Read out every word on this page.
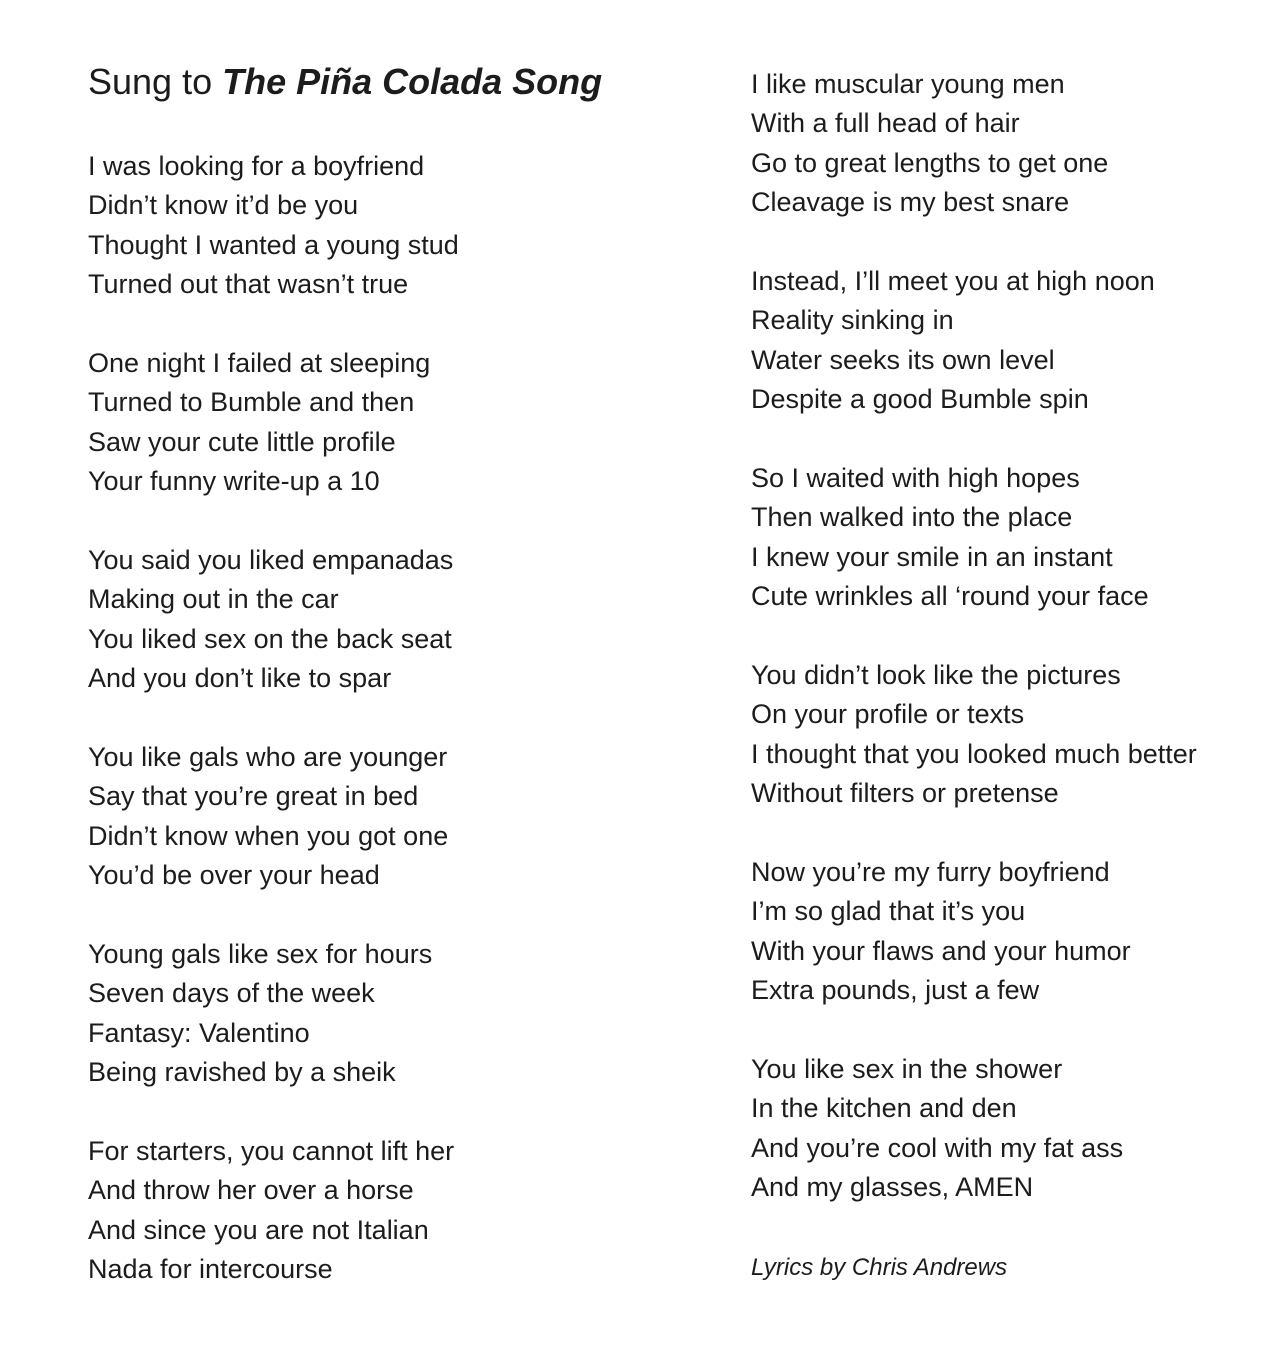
Sung to The Piña Colada Song
I was looking for a boyfriend
Didn’t know it’d be you
Thought I wanted a young stud
Turned out that wasn’t true
One night I failed at sleeping
Turned to Bumble and then
Saw your cute little profile
Your funny write-up a 10
You said you liked empanadas
Making out in the car
You liked sex on the back seat
And you don’t like to spar
You like gals who are younger
Say that you’re great in bed
Didn’t know when you got one
You’d be over your head
Young gals like sex for hours
Seven days of the week
Fantasy: Valentino
Being ravished by a sheik
For starters, you cannot lift her
And throw her over a horse
And since you are not Italian
Nada for intercourse
I like muscular young men
With a full head of hair
Go to great lengths to get one
Cleavage is my best snare
Instead, I’ll meet you at high noon
Reality sinking in
Water seeks its own level
Despite a good Bumble spin
So I waited with high hopes
Then walked into the place
I knew your smile in an instant
Cute wrinkles all ‘round your face
You didn’t look like the pictures
On your profile or texts
I thought that you looked much better
Without filters or pretense
Now you’re my furry boyfriend
I’m so glad that it’s you
With your flaws and your humor
Extra pounds, just a few
You like sex in the shower
In the kitchen and den
And you’re cool with my fat ass
And my glasses, AMEN

Lyrics by Chris Andrews
